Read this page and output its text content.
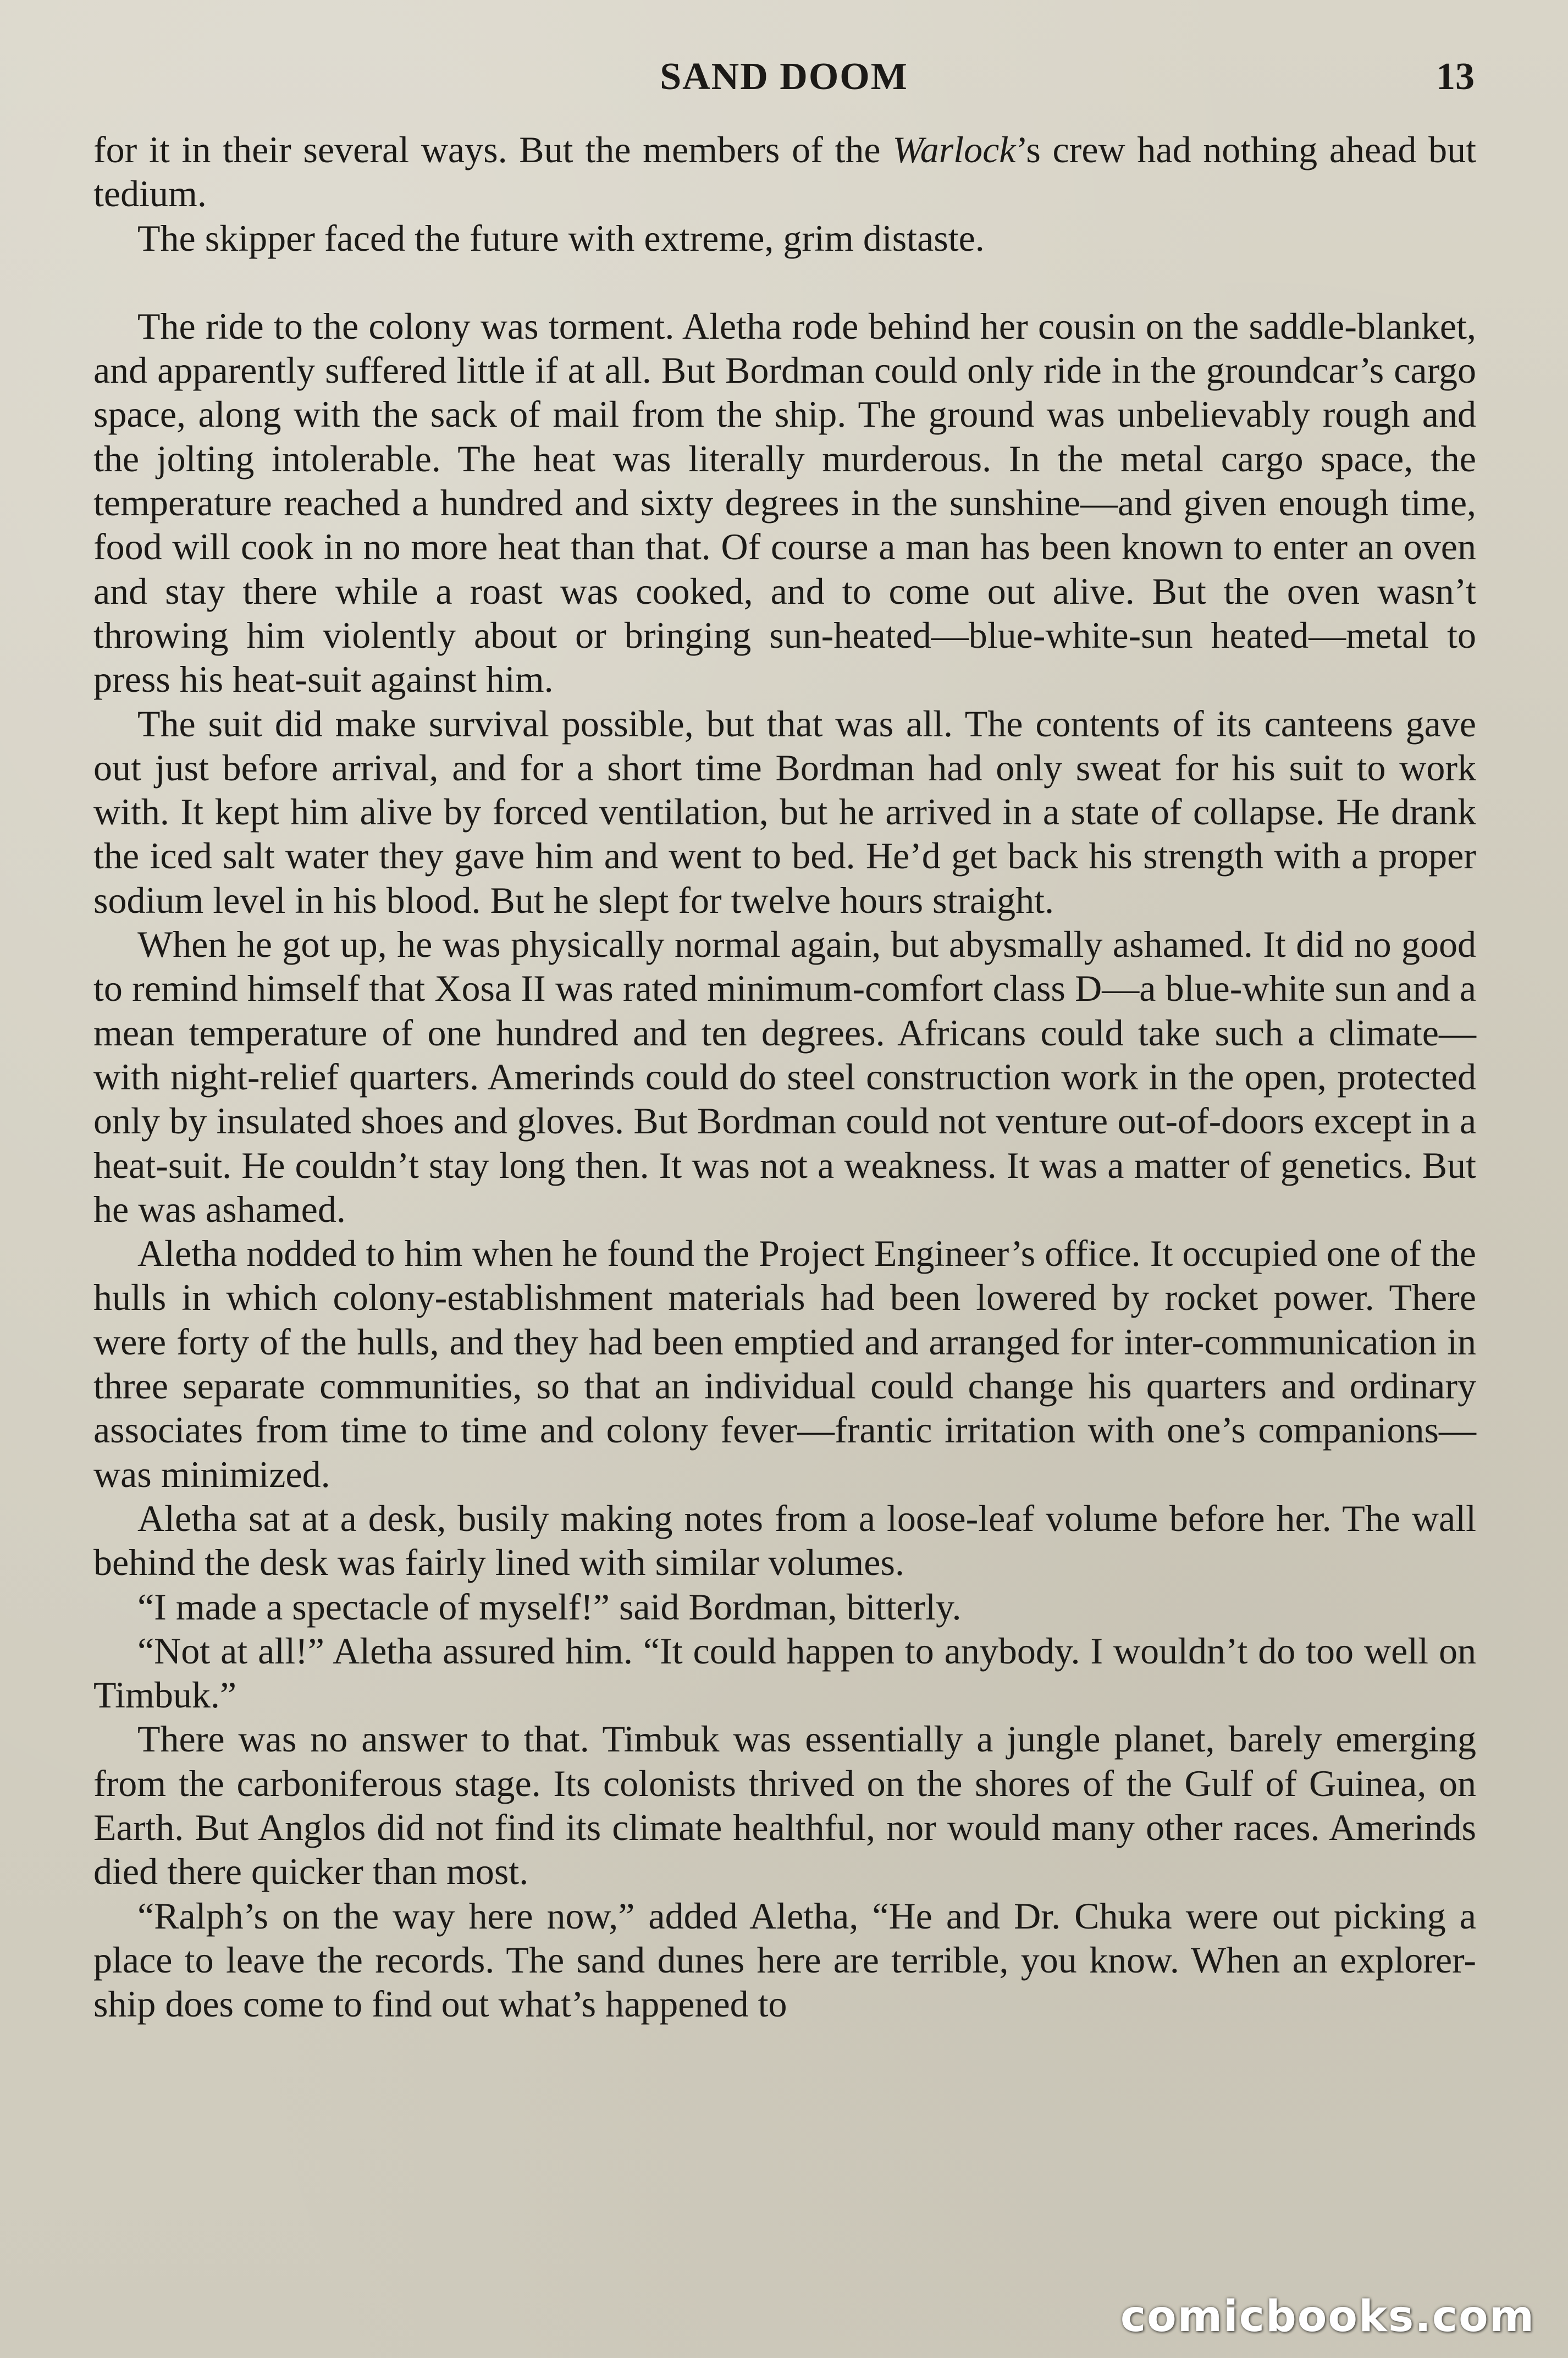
SAND DOOM	13

for it in their several ways. But the members of the Warlock’s crew had nothing ahead but tedium.

The skipper faced the future with extreme, grim distaste.

The ride to the colony was torment. Aletha rode behind her cousin on the saddle-blanket, and apparently suffered little if at all. But Bordman could only ride in the groundcar’s cargo space, along with the sack of mail from the ship. The ground was unbelievably rough and the jolting intolerable. The heat was literally murderous. In the metal cargo space, the temperature reached a hundred and sixty degrees in the sunshine—and given enough time, food will cook in no more heat than that. Of course a man has been known to enter an oven and stay there while a roast was cooked, and to come out alive. But the oven wasn’t throwing him violently about or bringing sun-heated—blue-white-sun heated—metal to press his heat-suit against him.

The suit did make survival possible, but that was all. The contents of its canteens gave out just before arrival, and for a short time Bordman had only sweat for his suit to work with. It kept him alive by forced ventilation, but he arrived in a state of collapse. He drank the iced salt water they gave him and went to bed. He’d get back his strength with a proper sodium level in his blood. But he slept for twelve hours straight.

When he got up, he was physically normal again, but abysmally ashamed. It did no good to remind himself that Xosa II was rated minimum-comfort class D—a blue-white sun and a mean temperature of one hundred and ten degrees. Africans could take such a climate—with night-relief quarters. Amerinds could do steel construction work in the open, protected only by insulated shoes and gloves. But Bordman could not venture out-of-doors except in a heat-suit. He couldn’t stay long then. It was not a weakness. It was a matter of genetics. But he was ashamed.

Aletha nodded to him when he found the Project Engineer’s office. It occupied one of the hulls in which colony-establishment materials had been lowered by rocket power. There were forty of the hulls, and they had been emptied and arranged for inter-communication in three separate communities, so that an individual could change his quarters and ordinary associates from time to time and colony fever—frantic irritation with one’s companions—was minimized.

Aletha sat at a desk, busily making notes from a loose-leaf volume before her. The wall behind the desk was fairly lined with similar volumes.

“I made a spectacle of myself!” said Bordman, bitterly.

“Not at all!” Aletha assured him. “It could happen to anybody. I wouldn’t do too well on Timbuk.”

There was no answer to that. Timbuk was essentially a jungle planet, barely emerging from the carboniferous stage. Its colonists thrived on the shores of the Gulf of Guinea, on Earth. But Anglos did not find its climate healthful, nor would many other races. Amerinds died there quicker than most.

“Ralph’s on the way here now,” added Aletha, “He and Dr. Chuka were out picking a place to leave the records. The sand dunes here are terrible, you know. When an explorer-ship does come to find out what’s happened to

comicbooks.com
